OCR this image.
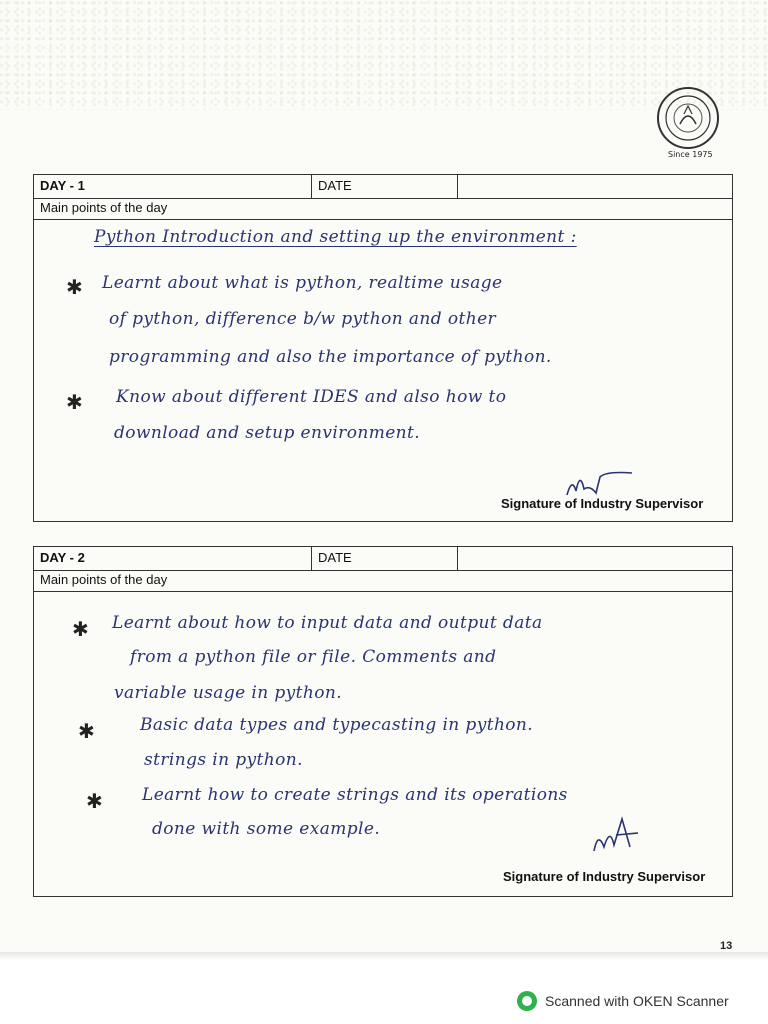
Since 1975
DAY - 1	DATE
Main points of the day
Python Introduction and setting up the environment :
✱ Learnt about what is python, realtime usage
of python, difference b/w python and other
programming and also the importance of python.
✱ Know about different IDES and also how to
download and setup environment.
Signature of Industry Supervisor
DAY - 2	DATE
Main points of the day
✱ Learnt about how to input data and output data
from a python file or file. Comments and
variable usage in python.
✱	Basic data types and typecasting in python.
strings in python.
✱ Learnt how to create strings and its operations
done with some example.
Signature of Industry Supervisor
13
Scanned with OKEN Scanner
